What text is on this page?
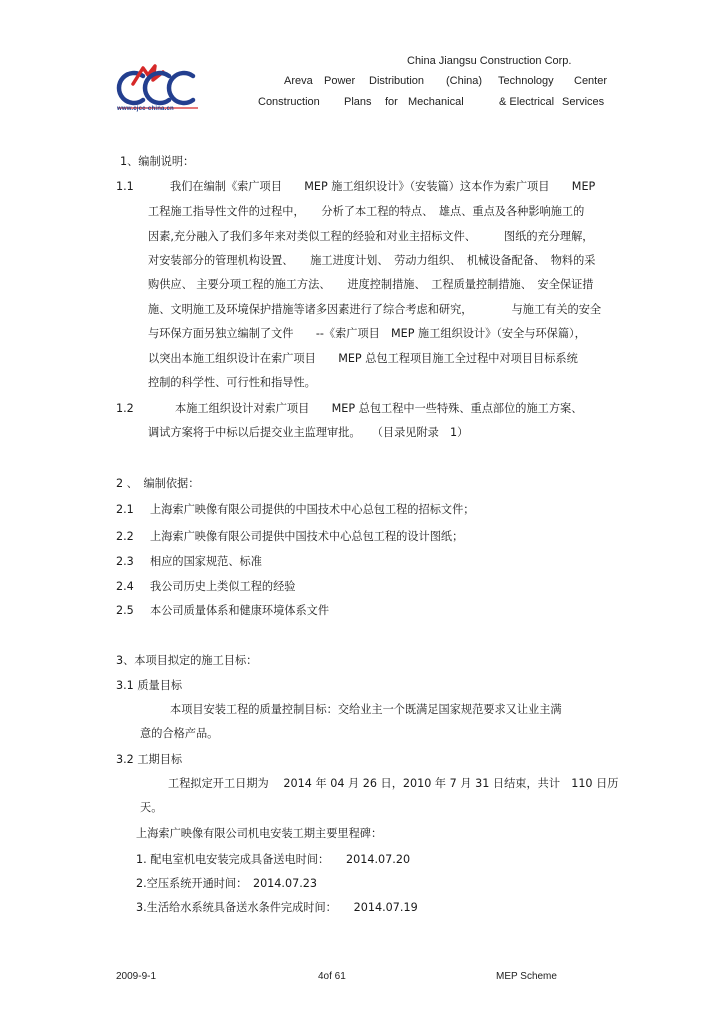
www.cjcc-china.cn
China Jiangsu Construction Corp.
Areva Power Distribution (China) Technology Center
Construction Plans for Mechanical	& Electrical Services
1、编制说明：
1.1	我们在编制《索广项目　　MEP 施工组织设计》（安装篇）这本作为索广项目　　MEP
工程施工指导性文件的过程中，　　分析了本工程的特点、　雄点、重点及各种影响施工的
因素,充分融入了我们多年来对类似工程的经验和对业主招标文件、　　　图纸的充分理解，
对安装部分的管理机构设置、　　施工进度计划、　劳动力组织、　机械设备配备、　物料的采
购供应、 主要分项工程的施工方法、　　进度控制措施、　工程质量控制措施、　安全保证措
施、文明施工及环境保护措施等诸多因素进行了综合考虑和研究，　　　　与施工有关的安全
与环保方面另独立编制了文件　　--《索广项目　MEP 施工组织设计》（安全与环保篇），
以突出本施工组织设计在索广项目　　MEP 总包工程项目施工全过程中对项目目标系统
控制的科学性、可行性和指导性。
1.2	本施工组织设计对索广项目　　MEP 总包工程中一些特殊、重点部位的施工方案、
调试方案将于中标以后提交业主监理审批。　　（目录见附录　1）
2 、　编制依据：
2.1 上海索广映像有限公司提供的中国技术中心总包工程的招标文件；
2.2 上海索广映像有限公司提供中国技术中心总包工程的设计图纸；
2.3 相应的国家规范、标准
2.4 我公司历史上类似工程的经验
2.5 本公司质量体系和健康环境体系文件
3、本项目拟定的施工目标：
3.1 质量目标
本项目安装工程的质量控制目标：交给业主一个既满足国家规范要求又让业主满
意的合格产品。
3.2 工期目标
工程拟定开工日期为　 2014 年 04 月 26 日，2010 年 7 月 31 日结束，共计　110 日历
天。
上海索广映像有限公司机电安装工期主要里程碑：
1. 配电室机电安装完成具备送电时间：　　2014.07.20
2.空压系统开通时间：　2014.07.23
3.生活给水系统具备送水条件完成时间：　　2014.07.19
2009-9-1	4of 61	MEP Scheme
